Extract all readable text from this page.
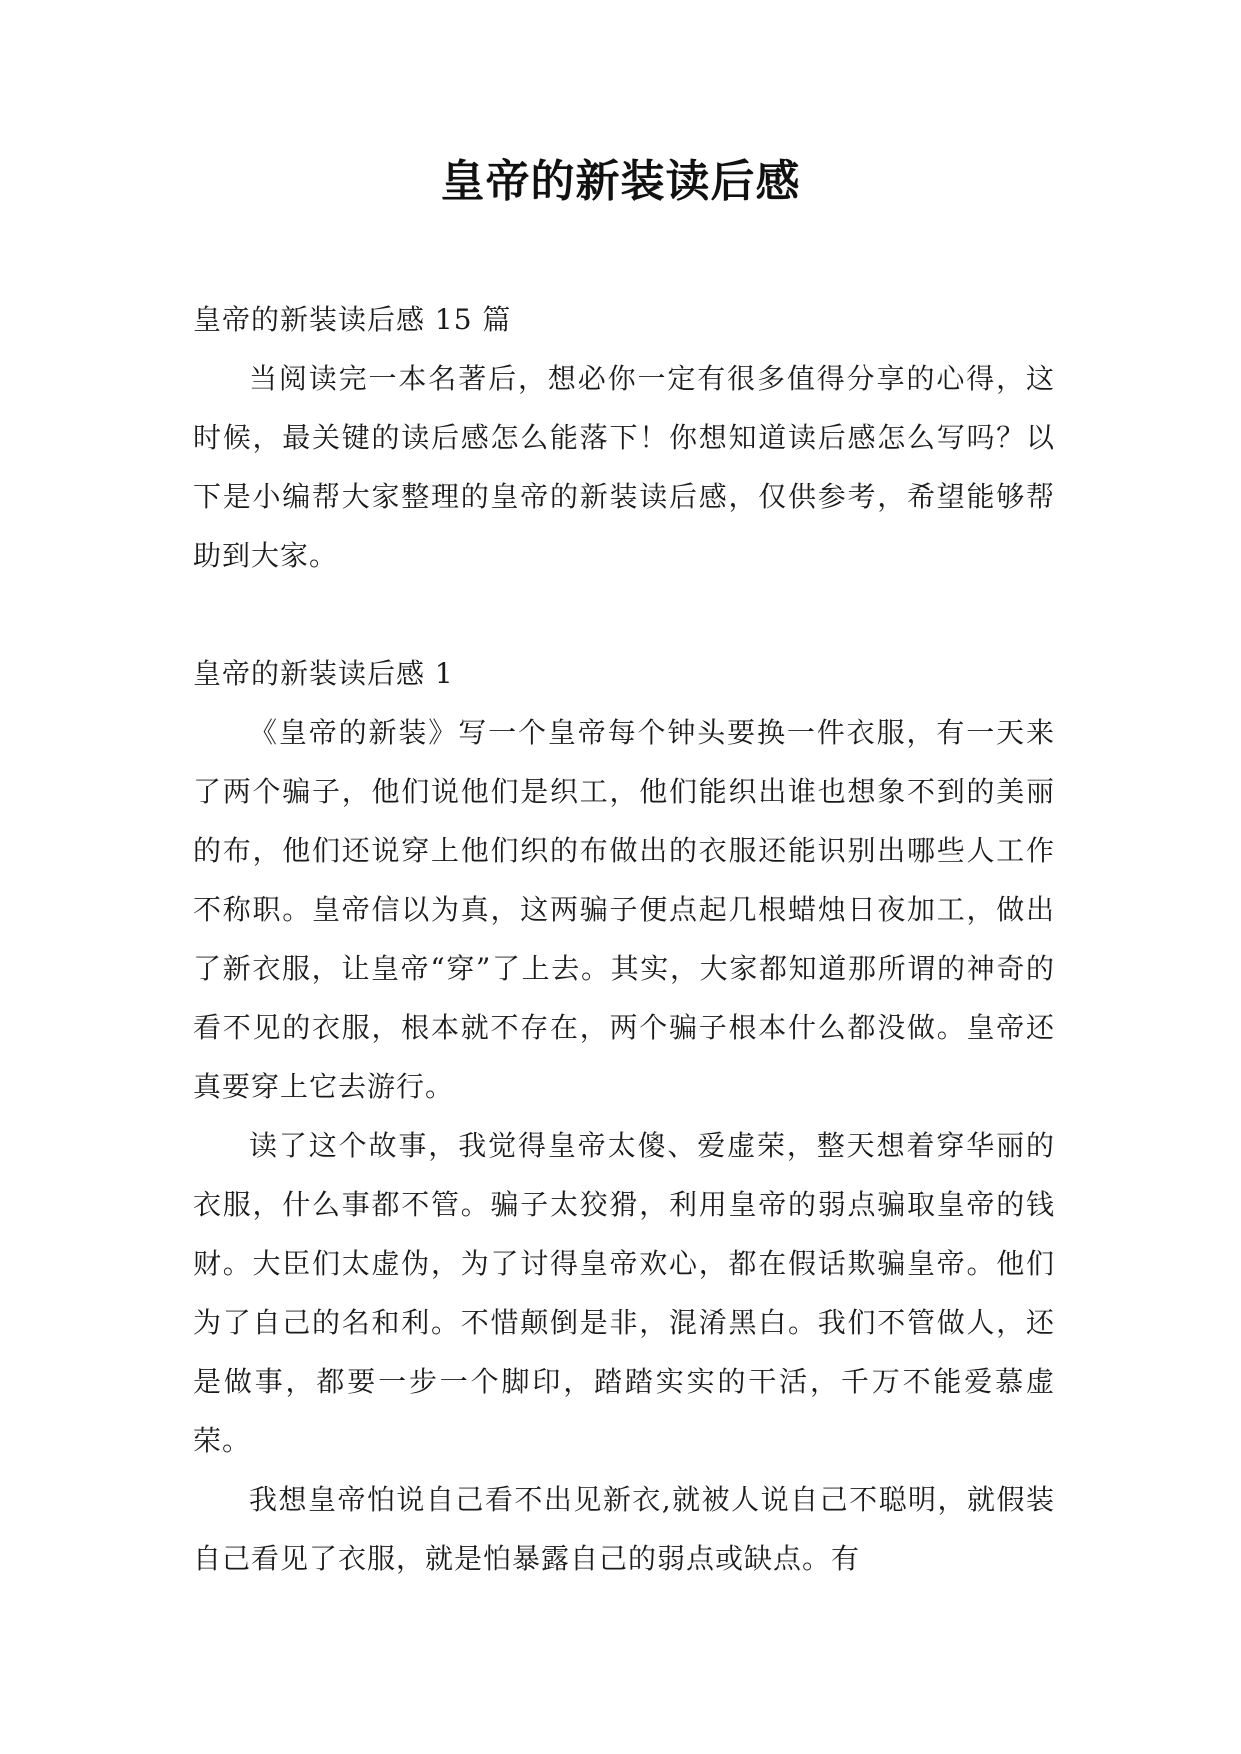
皇帝的新装读后感

皇帝的新装读后感 15 篇

当阅读完一本名著后，想必你一定有很多值得分享的心得，这时候，最关键的读后感怎么能落下！你想知道读后感怎么写吗？以下是小编帮大家整理的皇帝的新装读后感，仅供参考，希望能够帮助到大家。

皇帝的新装读后感 1

《皇帝的新装》写一个皇帝每个钟头要换一件衣服，有一天来了两个骗子，他们说他们是织工，他们能织出谁也想象不到的美丽的布，他们还说穿上他们织的布做出的衣服还能识别出哪些人工作不称职。皇帝信以为真，这两骗子便点起几根蜡烛日夜加工，做出了新衣服，让皇帝“穿”了上去。其实，大家都知道那所谓的神奇的看不见的衣服，根本就不存在，两个骗子根本什么都没做。皇帝还真要穿上它去游行。

读了这个故事，我觉得皇帝太傻、爱虚荣，整天想着穿华丽的衣服，什么事都不管。骗子太狡猾，利用皇帝的弱点骗取皇帝的钱财。大臣们太虚伪，为了讨得皇帝欢心，都在假话欺骗皇帝。他们为了自己的名和利。不惜颠倒是非，混淆黑白。我们不管做人，还是做事，都要一步一个脚印，踏踏实实的干活，千万不能爱慕虚荣。

我想皇帝怕说自己看不出见新衣,就被人说自己不聪明，就假装自己看见了衣服，就是怕暴露自己的弱点或缺点。有
